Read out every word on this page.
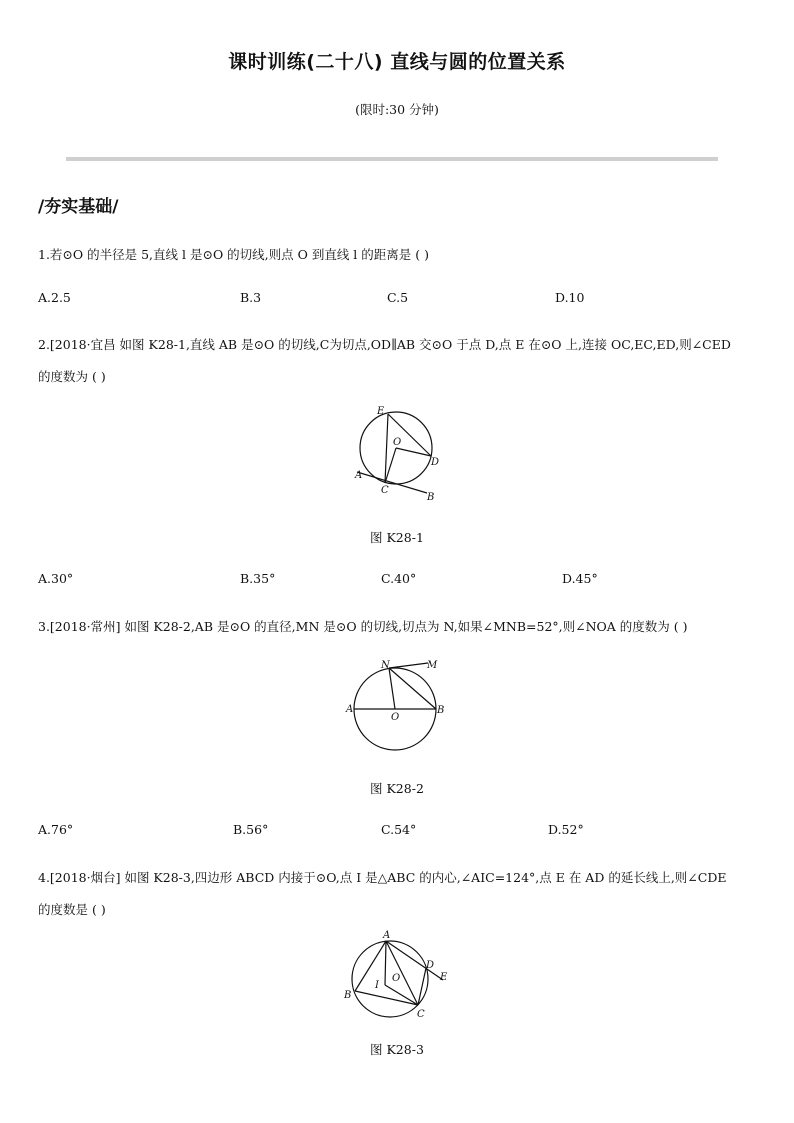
课时训练(二十八) 直线与圆的位置关系
(限时:30 分钟)
/夯实基础/
1.若⊙O 的半径是 5,直线 l 是⊙O 的切线,则点 O 到直线 l 的距离是 ( )
A.2.5	B.3	C.5	D.10
2.[2018·宜昌 如图 K28-1,直线 AB 是⊙O 的切线,C为切点,OD∥AB 交⊙O 于点 D,点 E 在⊙O 上,连接 OC,EC,ED,则∠CED
的度数为 ( )
E
O
D
A
C
B
图 K28-1
A.30°	B.35°	C.40°	D.45°
3.[2018·常州] 如图 K28-2,AB 是⊙O 的直径,MN 是⊙O 的切线,切点为 N,如果∠MNB=52°,则∠NOA 的度数为 ( )
N	M
A
O
B
图 K28-2
A.76°	B.56°	C.54°	D.52°
4.[2018·烟台] 如图 K28-3,四边形 ABCD 内接于⊙O,点 I 是△ABC 的内心,∠AIC=124°,点 E 在 AD 的延长线上,则∠CDE
的度数是 ( )
A
D
E
I
O
B
C
图 K28-3
